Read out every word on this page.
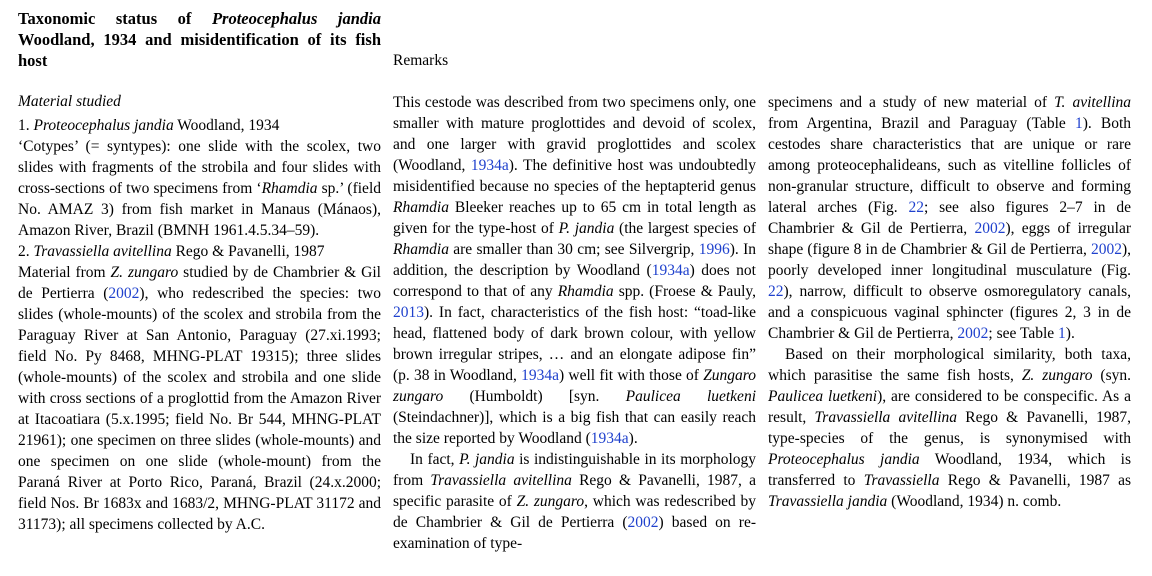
Taxonomic status of Proteocephalus jandia Woodland, 1934 and misidentification of its fish host
Material studied

1. Proteocephalus jandia Woodland, 1934

‘Cotypes’ (= syntypes): one slide with the scolex, two slides with fragments of the strobila and four slides with cross-sections of two specimens from ‘Rhamdia sp.’ (field No. AMAZ 3) from fish market in Manaus (Mánaos), Amazon River, Brazil (BMNH 1961.4.5.34–59).

2. Travassiella avitellina Rego & Pavanelli, 1987

Material from Z. zungaro studied by de Chambrier & Gil de Pertierra (2002), who redescribed the species: two slides (whole-mounts) of the scolex and strobila from the Paraguay River at San Antonio, Paraguay (27.xi.1993; field No. Py 8468, MHNG-PLAT 19315); three slides (whole-mounts) of the scolex and strobila and one slide with cross sections of a proglottid from the Amazon River at Itacoatiara (5.x.1995; field No. Br 544, MHNG-PLAT 21961); one specimen on three slides (whole-mounts) and one specimen on one slide (whole-mount) from the Paraná River at Porto Rico, Paraná, Brazil (24.x.2000; field Nos. Br 1683x and 1683/2, MHNG-PLAT 31172 and 31173); all specimens collected by A.C.

Remarks

This cestode was described from two specimens only, one smaller with mature proglottides and devoid of scolex, and one larger with gravid proglottides and scolex (Woodland, 1934a). The definitive host was undoubtedly misidentified because no species of the heptapterid genus Rhamdia Bleeker reaches up to 65 cm in total length as given for the type-host of P. jandia (the largest species of Rhamdia are smaller than 30 cm; see Silvergrip, 1996). In addition, the description by Woodland (1934a) does not correspond to that of any Rhamdia spp. (Froese & Pauly, 2013). In fact, characteristics of the fish host: “toad-like head, flattened body of dark brown colour, with yellow brown irregular stripes, … and an elongate adipose fin” (p. 38 in Woodland, 1934a) well fit with those of Zungaro zungaro (Humboldt) [syn. Paulicea luetkeni (Steindachner)], which is a big fish that can easily reach the size reported by Woodland (1934a).

In fact, P. jandia is indistinguishable in its morphology from Travassiella avitellina Rego & Pavanelli, 1987, a specific parasite of Z. zungaro, which was redescribed by de Chambrier & Gil de Pertierra (2002) based on re-examination of type-

specimens and a study of new material of T. avitellina from Argentina, Brazil and Paraguay (Table 1). Both cestodes share characteristics that are unique or rare among proteocephalideans, such as vitelline follicles of non-granular structure, difficult to observe and forming lateral arches (Fig. 22; see also figures 2–7 in de Chambrier & Gil de Pertierra, 2002), eggs of irregular shape (figure 8 in de Chambrier & Gil de Pertierra, 2002), poorly developed inner longitudinal musculature (Fig. 22), narrow, difficult to observe osmoregulatory canals, and a conspicuous vaginal sphincter (figures 2, 3 in de Chambrier & Gil de Pertierra, 2002; see Table 1).

Based on their morphological similarity, both taxa, which parasitise the same fish hosts, Z. zungaro (syn. Paulicea luetkeni), are considered to be conspecific. As a result, Travassiella avitellina Rego & Pavanelli, 1987, type-species of the genus, is synonymised with Proteocephalus jandia Woodland, 1934, which is transferred to Travassiella Rego & Pavanelli, 1987 as Travassiella jandia (Woodland, 1934) n. comb.
